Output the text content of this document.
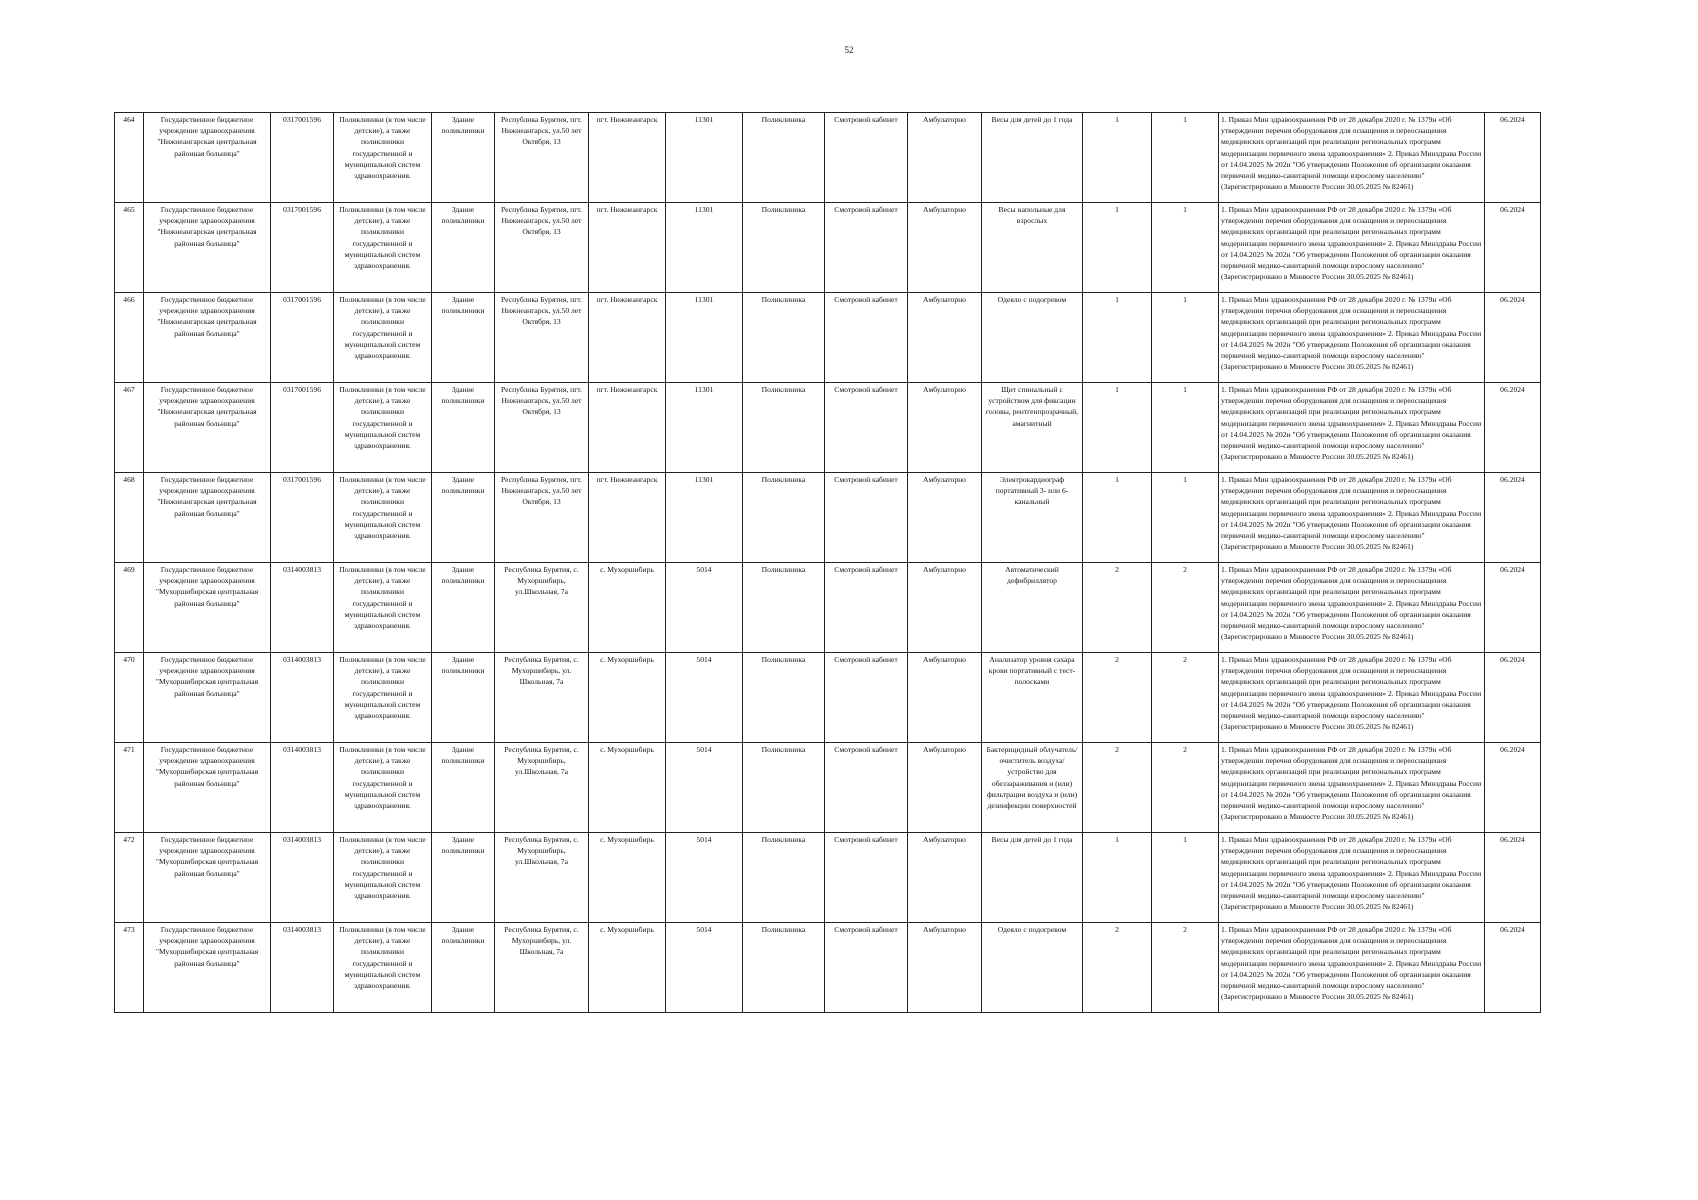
52
464	Государственное бюджетное учреждение здравоохранения "Нижнеангарская центральная районная больница"	0317001596	Поликлиники (в том числе детские), а также поликлиники государственной и муниципальной систем здравоохранения.	Здание поликлиники	Республика Бурятия, пгт. Нижнеангарск, ул.50 лет Октября, 13	пгт. Нижнеангарск	11301	Поликлиника	Смотровой кабинет	Амбулаторно	Весы для детей до 1 года	1	1	1. Приказ Мин здравоохранения РФ от 28 декабря 2020 г. № 1379н «Об утверждении перечня оборудования для оснащения и переоснащения медицинских организаций при реализации региональных программ модернизации первичного звена здравоохранения» 2. Приказ Минздрава России от 14.04.2025 № 202н "Об утверждении Положения об организации оказания первичной медико-санитарной помощи взрослому населению" (Зарегистрировано в Минюсте России 30.05.2025 № 82461)	06.2024
465	Государственное бюджетное учреждение здравоохранения "Нижнеангарская центральная районная больница"	0317001596	Поликлиники (в том числе детские), а также поликлиники государственной и муниципальной систем здравоохранения.	Здание поликлиники	Республика Бурятия, пгт. Нижнеангарск, ул.50 лет Октября, 13	пгт. Нижнеангарск	11301	Поликлиника	Смотровой кабинет	Амбулаторно	Весы напольные для взрослых	1	1	1. Приказ Мин здравоохранения РФ от 28 декабря 2020 г. № 1379н «Об утверждении перечня оборудования для оснащения и переоснащения медицинских организаций при реализации региональных программ модернизации первичного звена здравоохранения» 2. Приказ Минздрава России от 14.04.2025 № 202н "Об утверждении Положения об организации оказания первичной медико-санитарной помощи взрослому населению" (Зарегистрировано в Минюсте России 30.05.2025 № 82461)	06.2024
466	Государственное бюджетное учреждение здравоохранения "Нижнеангарская центральная районная больница"	0317001596	Поликлиники (в том числе детские), а также поликлиники государственной и муниципальной систем здравоохранения.	Здание поликлиники	Республика Бурятия, пгт. Нижнеангарск, ул.50 лет Октября, 13	пгт. Нижнеангарск	11301	Поликлиника	Смотровой кабинет	Амбулаторно	Одеяло с подогревом	1	1	1. Приказ Мин здравоохранения РФ от 28 декабря 2020 г. № 1379н «Об утверждении перечня оборудования для оснащения и переоснащения медицинских организаций при реализации региональных программ модернизации первичного звена здравоохранения» 2. Приказ Минздрава России от 14.04.2025 № 202н "Об утверждении Положения об организации оказания первичной медико-санитарной помощи взрослому населению" (Зарегистрировано в Минюсте России 30.05.2025 № 82461)	06.2024
467	Государственное бюджетное учреждение здравоохранения "Нижнеангарская центральная районная больница"	0317001596	Поликлиники (в том числе детские), а также поликлиники государственной и муниципальной систем здравоохранения.	Здание поликлиники	Республика Бурятия, пгт. Нижнеангарск, ул.50 лет Октября, 13	пгт. Нижнеангарск	11301	Поликлиника	Смотровой кабинет	Амбулаторно	Щит спинальный с устройством для фиксации головы, рентгенпрозрачный, амагнитный	1	1	1. Приказ Мин здравоохранения РФ от 28 декабря 2020 г. № 1379н «Об утверждении перечня оборудования для оснащения и переоснащения медицинских организаций при реализации региональных программ модернизации первичного звена здравоохранения» 2. Приказ Минздрава России от 14.04.2025 № 202н "Об утверждении Положения об организации оказания первичной медико-санитарной помощи взрослому населению" (Зарегистрировано в Минюсте России 30.05.2025 № 82461)	06.2024
468	Государственное бюджетное учреждение здравоохранения "Нижнеангарская центральная районная больница"	0317001596	Поликлиники (в том числе детские), а также поликлиники государственной и муниципальной систем здравоохранения.	Здание поликлиники	Республика Бурятия, пгт. Нижнеангарск, ул.50 лет Октября, 13	пгт. Нижнеангарск	11301	Поликлиника	Смотровой кабинет	Амбулаторно	Электрокардиограф портативный 3- или 6-канальный	1	1	1. Приказ Мин здравоохранения РФ от 28 декабря 2020 г. № 1379н «Об утверждении перечня оборудования для оснащения и переоснащения медицинских организаций при реализации региональных программ модернизации первичного звена здравоохранения» 2. Приказ Минздрава России от 14.04.2025 № 202н "Об утверждении Положения об организации оказания первичной медико-санитарной помощи взрослому населению" (Зарегистрировано в Минюсте России 30.05.2025 № 82461)	06.2024
469	Государственное бюджетное учреждение здравоохранения "Мухоршибирская центральная районная больница"	0314003813	Поликлиники (в том числе детские), а также поликлиники государственной и муниципальной систем здравоохранения.	Здание поликлиники	Республика Бурятия, с. Мухоршибирь, ул.Школьная, 7а	с. Мухоршибирь	5014	Поликлиника	Смотровой кабинет	Амбулаторно	Автоматический дефибриллятор	2	2	1. Приказ Мин здравоохранения РФ от 28 декабря 2020 г. № 1379н «Об утверждении перечня оборудования для оснащения и переоснащения медицинских организаций при реализации региональных программ модернизации первичного звена здравоохранения» 2. Приказ Минздрава России от 14.04.2025 № 202н "Об утверждении Положения об организации оказания первичной медико-санитарной помощи взрослому населению" (Зарегистрировано в Минюсте России 30.05.2025 № 82461)	06.2024
470	Государственное бюджетное учреждение здравоохранения "Мухоршибирская центральная районная больница"	0314003813	Поликлиники (в том числе детские), а также поликлиники государственной и муниципальной систем здравоохранения.	Здание поликлиники	Республика Бурятия, с. Мухоршибирь, ул. Школьная, 7а	с. Мухоршибирь	5014	Поликлиника	Смотровой кабинет	Амбулаторно	Анализатор уровня сахара крови портативный с тест-полосками	2	2	1. Приказ Мин здравоохранения РФ от 28 декабря 2020 г. № 1379н «Об утверждении перечня оборудования для оснащения и переоснащения медицинских организаций при реализации региональных программ модернизации первичного звена здравоохранения» 2. Приказ Минздрава России от 14.04.2025 № 202н "Об утверждении Положения об организации оказания первичной медико-санитарной помощи взрослому населению" (Зарегистрировано в Минюсте России 30.05.2025 № 82461)	06.2024
471	Государственное бюджетное учреждение здравоохранения "Мухоршибирская центральная районная больница"	0314003813	Поликлиники (в том числе детские), а также поликлиники государственной и муниципальной систем здравоохранения.	Здание поликлиники	Республика Бурятия, с. Мухоршибирь, ул.Школьная, 7а	с. Мухоршибирь	5014	Поликлиника	Смотровой кабинет	Амбулаторно	Бактерицидный облучатель/очиститель воздуха/устройство для обеззараживания и (или) фильтрации воздуха и (или) дезинфекции поверхностей	2	2	1. Приказ Мин здравоохранения РФ от 28 декабря 2020 г. № 1379н «Об утверждении перечня оборудования для оснащения и переоснащения медицинских организаций при реализации региональных программ модернизации первичного звена здравоохранения» 2. Приказ Минздрава России от 14.04.2025 № 202н "Об утверждении Положения об организации оказания первичной медико-санитарной помощи взрослому населению" (Зарегистрировано в Минюсте России 30.05.2025 № 82461)	06.2024
472	Государственное бюджетное учреждение здравоохранения "Мухоршибирская центральная районная больница"	0314003813	Поликлиники (в том числе детские), а также поликлиники государственной и муниципальной систем здравоохранения.	Здание поликлиники	Республика Бурятия, с. Мухоршибирь, ул.Школьная, 7а	с. Мухоршибирь	5014	Поликлиника	Смотровой кабинет	Амбулаторно	Весы для детей до 1 года	1	1	1. Приказ Мин здравоохранения РФ от 28 декабря 2020 г. № 1379н «Об утверждении перечня оборудования для оснащения и переоснащения медицинских организаций при реализации региональных программ модернизации первичного звена здравоохранения» 2. Приказ Минздрава России от 14.04.2025 № 202н "Об утверждении Положения об организации оказания первичной медико-санитарной помощи взрослому населению" (Зарегистрировано в Минюсте России 30.05.2025 № 82461)	06.2024
473	Государственное бюджетное учреждение здравоохранения "Мухоршибирская центральная районная больница"	0314003813	Поликлиники (в том числе детские), а также поликлиники государственной и муниципальной систем здравоохранения.	Здание поликлиники	Республика Бурятия, с. Мухоршибирь, ул. Школьная, 7а	с. Мухоршибирь	5014	Поликлиника	Смотровой кабинет	Амбулаторно	Одеяло с подогревом	2	2	1. Приказ Мин здравоохранения РФ от 28 декабря 2020 г. № 1379н «Об утверждении перечня оборудования для оснащения и переоснащения медицинских организаций при реализации региональных программ модернизации первичного звена здравоохранения» 2. Приказ Минздрава России от 14.04.2025 № 202н "Об утверждении Положения об организации оказания первичной медико-санитарной помощи взрослому населению" (Зарегистрировано в Минюсте России 30.05.2025 № 82461)	06.2024
